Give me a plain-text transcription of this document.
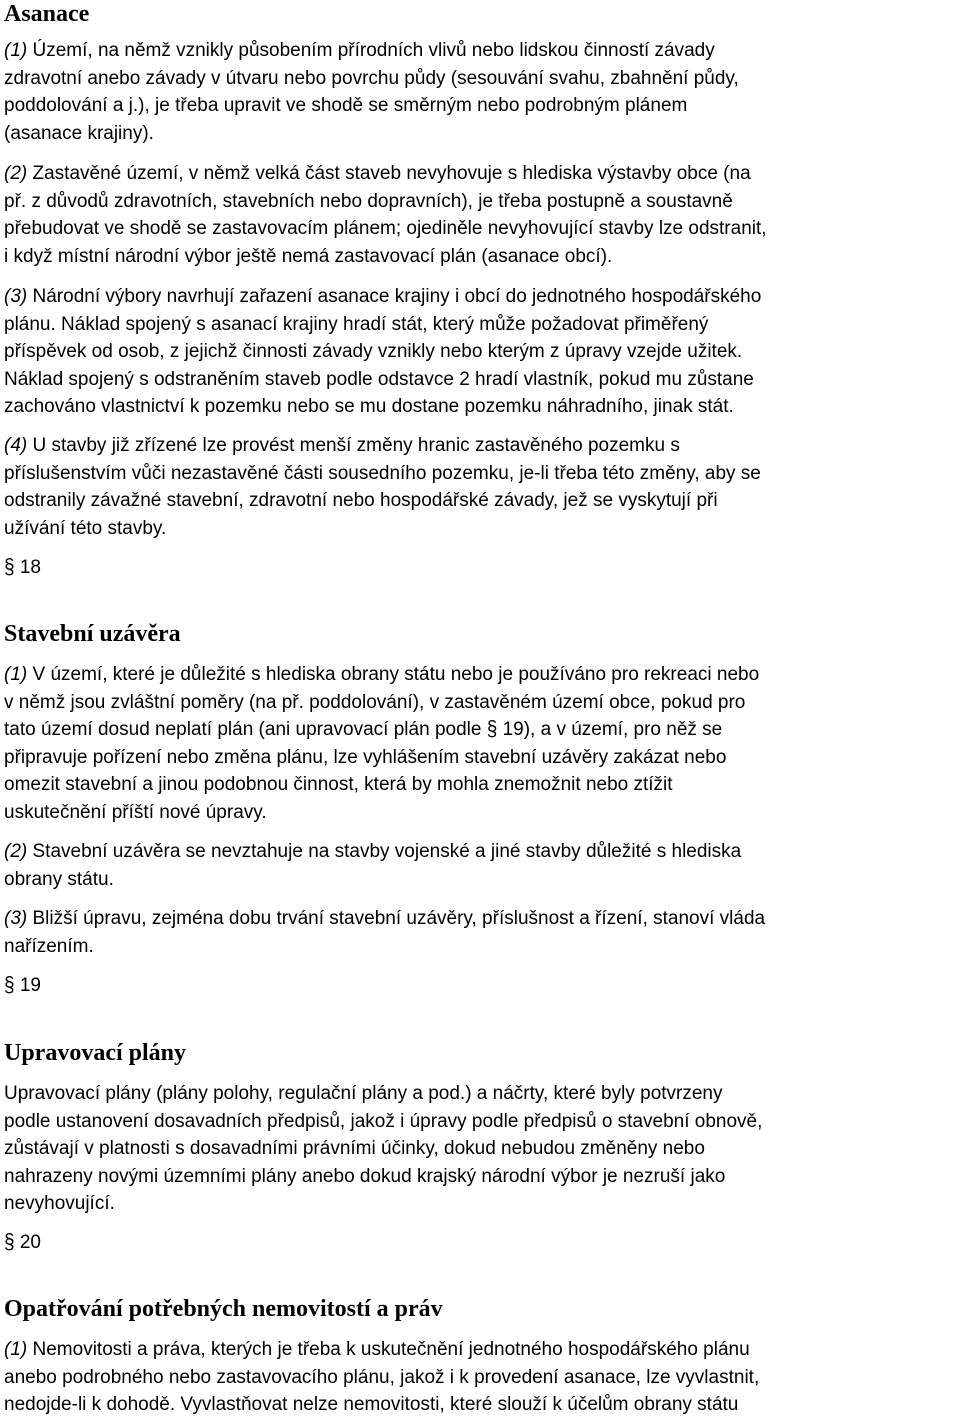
Asanace

(1) Území, na němž vznikly působením přírodních vlivů nebo lidskou činností závady
zdravotní anebo závady v útvaru nebo povrchu půdy (sesouvání svahu, zbahnění půdy,
poddolování a j.), je třeba upravit ve shodě se směrným nebo podrobným plánem
(asanace krajiny).

(2) Zastavěné území, v němž velká část staveb nevyhovuje s hlediska výstavby obce (na
př. z důvodů zdravotních, stavebních nebo dopravních), je třeba postupně a soustavně
přebudovat ve shodě se zastavovacím plánem; ojediněle nevyhovující stavby lze odstranit,
i když místní národní výbor ještě nemá zastavovací plán (asanace obcí).

(3) Národní výbory navrhují zařazení asanace krajiny i obcí do jednotného hospodářského
plánu. Náklad spojený s asanací krajiny hradí stát, který může požadovat přiměřený
příspěvek od osob, z jejichž činnosti závady vznikly nebo kterým z úpravy vzejde užitek.
Náklad spojený s odstraněním staveb podle odstavce 2 hradí vlastník, pokud mu zůstane
zachováno vlastnictví k pozemku nebo se mu dostane pozemku náhradního, jinak stát.

(4) U stavby již zřízené lze provést menší změny hranic zastavěného pozemku s
příslušenstvím vůči nezastavěné části sousedního pozemku, je-li třeba této změny, aby se
odstranily závažné stavební, zdravotní nebo hospodářské závady, jež se vyskytují při
užívání této stavby.

§ 18
Stavební uzávěra

(1) V území, které je důležité s hlediska obrany státu nebo je používáno pro rekreaci nebo
v němž jsou zvláštní poměry (na př. poddolování), v zastavěném území obce, pokud pro
tato území dosud neplatí plán (ani upravovací plán podle § 19), a v území, pro něž se
připravuje pořízení nebo změna plánu, lze vyhlášením stavební uzávěry zakázat nebo
omezit stavební a jinou podobnou činnost, která by mohla znemožnit nebo ztížit
uskutečnění příští nové úpravy.

(2) Stavební uzávěra se nevztahuje na stavby vojenské a jiné stavby důležité s hlediska
obrany státu.

(3) Bližší úpravu, zejména dobu trvání stavební uzávěry, příslušnost a řízení, stanoví vláda
nařízením.

§ 19
Upravovací plány

Upravovací plány (plány polohy, regulační plány a pod.) a náčrty, které byly potvrzeny
podle ustanovení dosavadních předpisů, jakož i úpravy podle předpisů o stavební obnově,
zůstávají v platnosti s dosavadními právními účinky, dokud nebudou změněny nebo
nahrazeny novými územními plány anebo dokud krajský národní výbor je nezruší jako
nevyhovující.

§ 20
Opatřování potřebných nemovitostí a práv

(1) Nemovitosti a práva, kterých je třeba k uskutečnění jednotného hospodářského plánu
anebo podrobného nebo zastavovacího plánu, jakož i k provedení asanace, lze vyvlastnit,
nedojde-li k dohodě. Vyvlastňovat nelze nemovitosti, které slouží k účelům obrany státu
